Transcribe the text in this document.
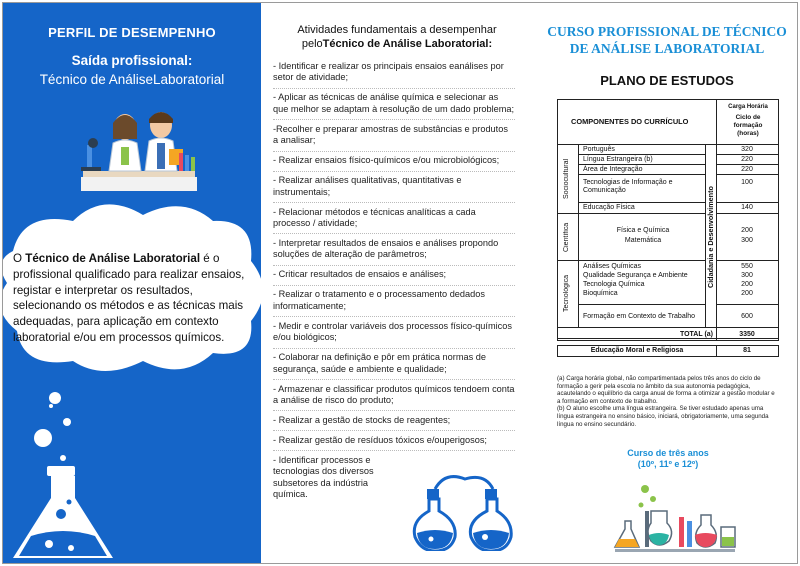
PERFIL DE DESEMPENHO
Saída profissional:
Técnico de AnáliseLaboratorial
O Técnico de Análise Laboratorial é o profissional qualificado para realizar ensaios, registar e interpretar os resultados, selecionando os métodos e as técnicas mais adequadas, para aplicação em contexto laboratorial e/ou em processos químicos.
Atividades fundamentais a desempenhar
peloTécnico de Análise Laboratorial:
- Identificar e realizar os principais ensaios eanálises por setor de atividade;
- Aplicar as técnicas de análise química e selecionar as que melhor se adaptam à resolução de um dado problema;
-Recolher e preparar amostras de substâncias e produtos a analisar;
- Realizar ensaios físico-químicos e/ou microbiológicos;
- Realizar análises qualitativas, quantitativas e instrumentais;
- Relacionar métodos e técnicas analíticas a cada processo / atividade;
- Interpretar resultados de ensaios e análises propondo soluções de alteração de parâmetros;
- Criticar resultados de ensaios e análises;
- Realizar o tratamento e o processamento dedados informaticamente;
- Medir e controlar variáveis dos processos físico-químicos e/ou biológicos;
- Colaborar na definição e pôr em prática normas de segurança, saúde e ambiente e qualidade;
- Armazenar e classificar produtos químicos tendoem conta a análise de risco do produto;
- Realizar a gestão de stocks de reagentes;
- Realizar gestão de resíduos tóxicos e/ouperigosos;
- Identificar processos e tecnologias dos diversos subsetores da indústria química.
CURSO PROFISSIONAL DE TÉCNICO
DE ANÁLISE LABORATORIAL
PLANO DE ESTUDOS
COMPONENTES DO CURRÍCULO
Carga Horária
Ciclo de formação (horas)
Sociocultural
Científica
Tecnológica
Cidadania e Desenvolvimento
Português
Língua Estrangeira (b)
Área de Integração
Tecnologias de Informação e Comunicação
Educação Física
320
220
220
100
140
Física e Química
Matemática
200
300
Análises Químicas
Qualidade Segurança e Ambiente
Tecnologia Química
Bioquímica
Formação em Contexto de Trabalho
550
300
200
200
600
TOTAL (a)	3350
Educação Moral e Religiosa	81
(a) Carga horária global, não compartimentada pelos três anos do ciclo de formação a gerir pela escola no âmbito da sua autonomia pedagógica, acautelando o equilíbrio da carga anual de forma a otimizar a gestão modular e a formação em contexto de trabalho.
(b) O aluno escolhe uma língua estrangeira. Se tiver estudado apenas uma língua estrangeira no ensino básico, iniciará, obrigatoriamente, uma segunda língua no ensino secundário.
Curso de três anos
(10º, 11º e 12º)
